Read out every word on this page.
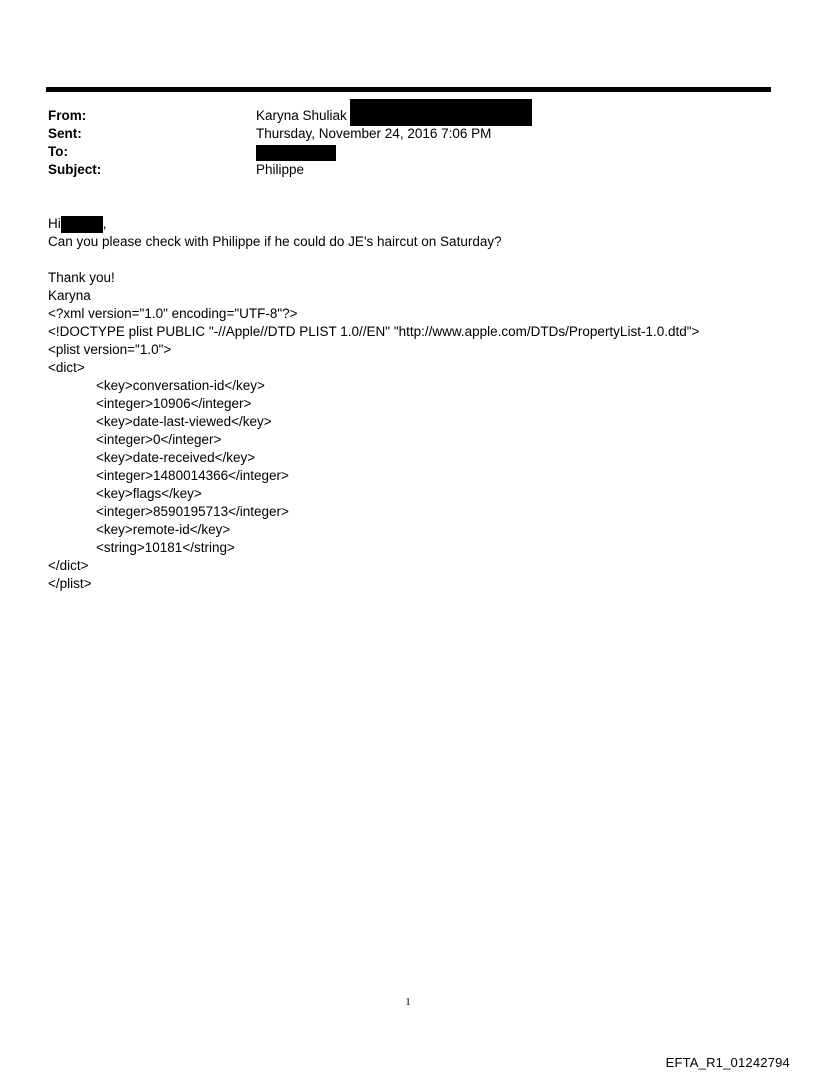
From:	Karyna Shuliak
Sent:	Thursday, November 24, 2016 7:06 PM
To:
Subject:	Philippe
Hi	,
Can you please check with Philippe if he could do JE's haircut on Saturday?
Thank you!
Karyna
<?xml version="1.0" encoding="UTF-8"?>
<!DOCTYPE plist PUBLIC "-//Apple//DTD PLIST 1.0//EN" "http://www.apple.com/DTDs/PropertyList-1.0.dtd">
<plist version="1.0">
<dict>
<key>conversation-id</key>
<integer>10906</integer>
<key>date-last-viewed</key>
<integer>0</integer>
<key>date-received</key>
<integer>1480014366</integer>
<key>flags</key>
<integer>8590195713</integer>
<key>remote-id</key>
<string>10181</string>
</dict>
</plist>
1
EFTA_R1_01242794
